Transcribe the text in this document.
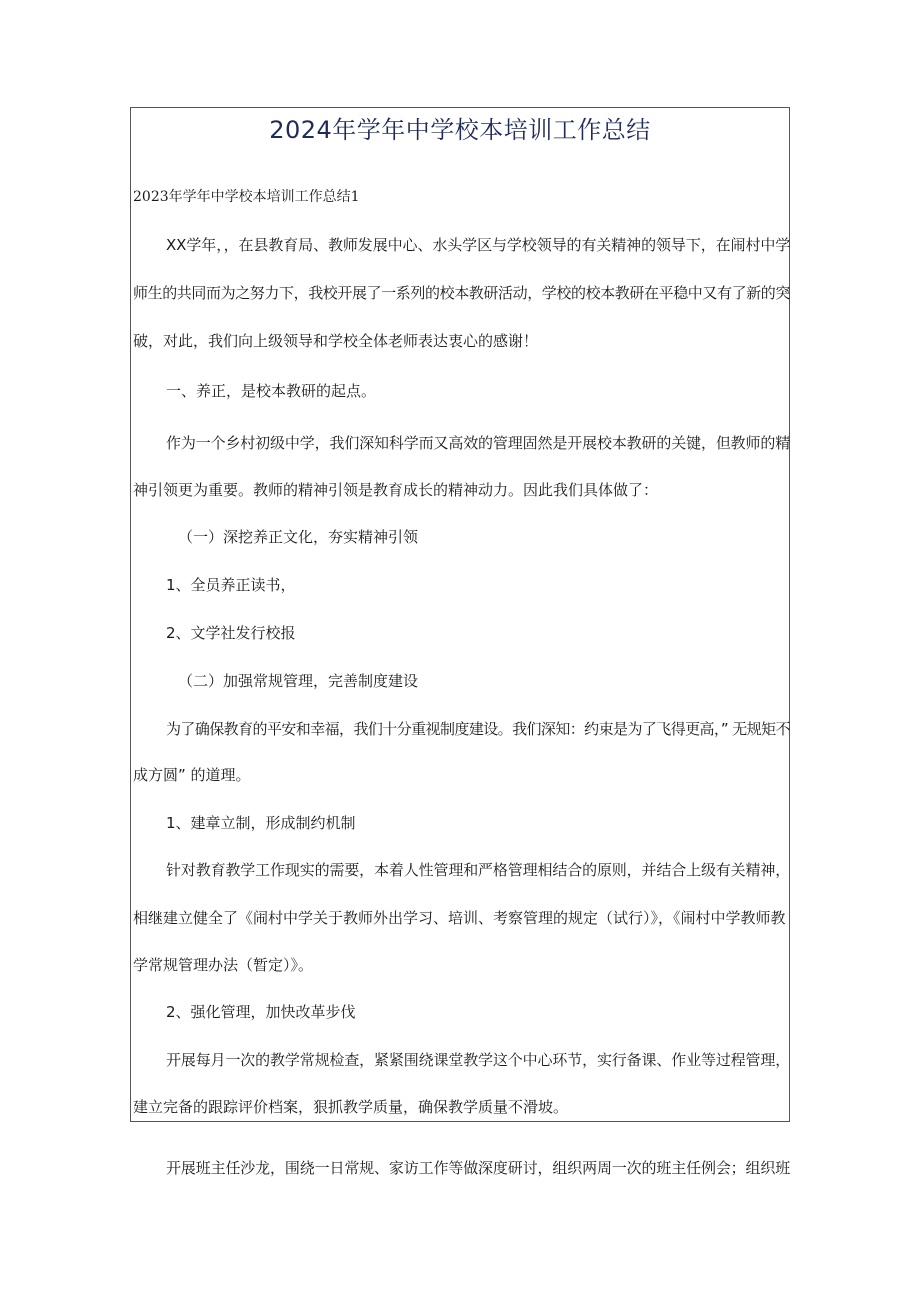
2024年学年中学校本培训工作总结
2023年学年中学校本培训工作总结1
XX学年，，在县教育局、教师发展中心、水头学区与学校领导的有关精神的领导下，在闹村中学
师生的共同而为之努力下，我校开展了一系列的校本教研活动，学校的校本教研在平稳中又有了新的突
破，对此，我们向上级领导和学校全体老师表达衷心的感谢！
一、养正，是校本教研的起点。
作为一个乡村初级中学，我们深知科学而又高效的管理固然是开展校本教研的关键，但教师的精
神引领更为重要。教师的精神引领是教育成长的精神动力。因此我们具体做了：
（一）深挖养正文化，夯实精神引领
1、全员养正读书，
2、文学社发行校报
（二）加强常规管理，完善制度建设
为了确保教育的平安和幸福，我们十分重视制度建设。我们深知：约束是为了飞得更高，” 无规矩不
成方圆” 的道理。
1、建章立制，形成制约机制
针对教育教学工作现实的需要，本着人性管理和严格管理相结合的原则，并结合上级有关精神，
相继建立健全了《闹村中学关于教师外出学习、培训、考察管理的规定（试行）》，《闹村中学教师教
学常规管理办法（暂定）》。
2、强化管理，加快改革步伐
开展每月一次的教学常规检查，紧紧围绕课堂教学这个中心环节，实行备课、作业等过程管理，
建立完备的跟踪评价档案，狠抓教学质量，确保教学质量不滑坡。
开展班主任沙龙，围绕一日常规、家访工作等做深度研讨，组织两周一次的班主任例会；组织班
